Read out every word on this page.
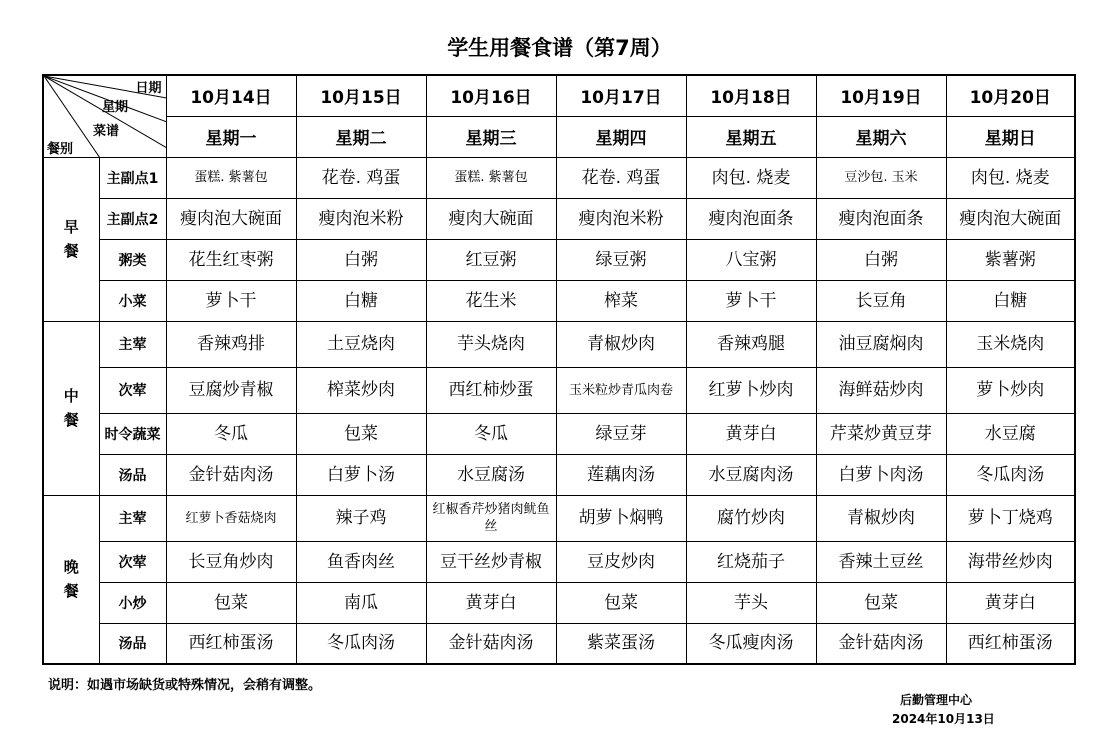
学生用餐食谱（第7周）
日期
星期
菜谱
餐别		10月14日	10月15日	10月16日	10月17日	10月18日	10月19日	10月20日
		星期一	星期二	星期三	星期四	星期五	星期六	星期日

早
餐	主副点1	蛋糕. 紫薯包	花卷. 鸡蛋	蛋糕. 紫薯包	花卷. 鸡蛋	肉包. 烧麦	豆沙包. 玉米	肉包. 烧麦
	主副点2	瘦肉泡大碗面	瘦肉泡米粉	瘦肉大碗面	瘦肉泡米粉	瘦肉泡面条	瘦肉泡面条	瘦肉泡大碗面
	粥类	花生红枣粥	白粥	红豆粥	绿豆粥	八宝粥	白粥	紫薯粥
	小菜	萝卜干	白糖	花生米	榨菜	萝卜干	长豆角	白糖

中
餐	主荤	香辣鸡排	土豆烧肉	芋头烧肉	青椒炒肉	香辣鸡腿	油豆腐焖肉	玉米烧肉
	次荤	豆腐炒青椒	榨菜炒肉	西红柿炒蛋	玉米粒炒青瓜肉卷	红萝卜炒肉	海鲜菇炒肉	萝卜炒肉
	时令蔬菜	冬瓜	包菜	冬瓜	绿豆芽	黄芽白	芹菜炒黄豆芽	水豆腐
	汤品	金针菇肉汤	白萝卜汤	水豆腐汤	莲藕肉汤	水豆腐肉汤	白萝卜肉汤	冬瓜肉汤

晚
餐	主荤	红萝卜香菇烧肉	辣子鸡	红椒香芹炒猪肉鱿鱼丝	胡萝卜焖鸭	腐竹炒肉	青椒炒肉	萝卜丁烧鸡
	次荤	长豆角炒肉	鱼香肉丝	豆干丝炒青椒	豆皮炒肉	红烧茄子	香辣土豆丝	海带丝炒肉
	小炒	包菜	南瓜	黄芽白	包菜	芋头	包菜	黄芽白
	汤品	西红柿蛋汤	冬瓜肉汤	金针菇肉汤	紫菜蛋汤	冬瓜瘦肉汤	金针菇肉汤	西红柿蛋汤
说明：如遇市场缺货或特殊情况，会稍有调整。
后勤管理中心
2024年10月13日
